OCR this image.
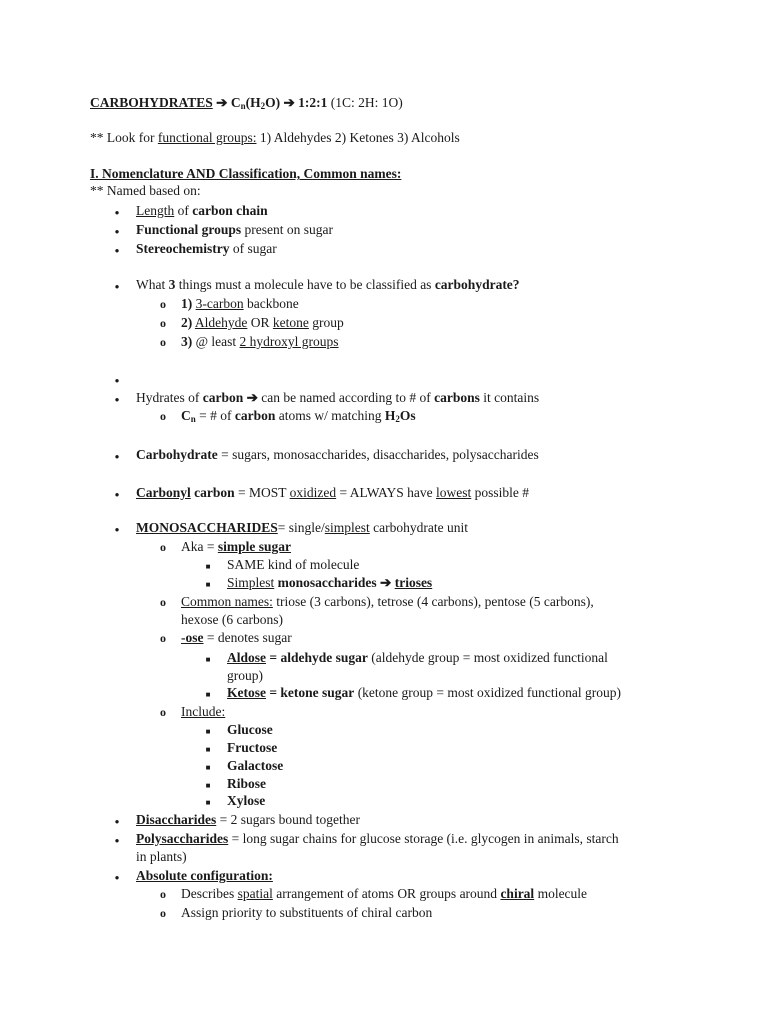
CARBOHYDRATES ➔ $C_n(H_2O)$ ➔ 1:2:1 (1C: 2H: 1O)
** Look for functional groups: 1) Aldehydes 2) Ketones 3) Alcohols
I. Nomenclature AND Classification, Common names:
** Named based on:
●
Length of carbon chain
●
Functional groups present on sugar
●
Stereochemistry of sugar
●
What 3 things must a molecule have to be classified as carbohydrate?
o
1) 3-carbon backbone
o
2) Aldehyde OR ketone group
o
3) @ least 2 hydroxyl groups
●
●
Hydrates of carbon ➔ can be named according to # of carbons it contains
o
$C_n$ = # of carbon atoms w/ matching $H_2Os$
●
Carbohydrate = sugars, monosaccharides, disaccharides, polysaccharides
●
Carbonyl carbon = MOST oxidized = ALWAYS have lowest possible #
●
MONOSACCHARIDES= single/simplest carbohydrate unit
o
Aka = simple sugar
■
SAME kind of molecule
■
Simplest monosaccharides ➔ trioses
o
Common names: triose (3 carbons), tetrose (4 carbons), pentose (5 carbons),
hexose (6 carbons)
o
-ose = denotes sugar
■
Aldose = aldehyde sugar (aldehyde group = most oxidized functional
group)
■
Ketose = ketone sugar (ketone group = most oxidized functional group)
o
Include:
■
Glucose
■
Fructose
■
Galactose
■
Ribose
■
Xylose
●
Disaccharides = 2 sugars bound together
●
Polysaccharides = long sugar chains for glucose storage (i.e. glycogen in animals, starch
in plants)
●
Absolute configuration:
o
Describes spatial arrangement of atoms OR groups around chiral molecule
o
Assign priority to substituents of chiral carbon
